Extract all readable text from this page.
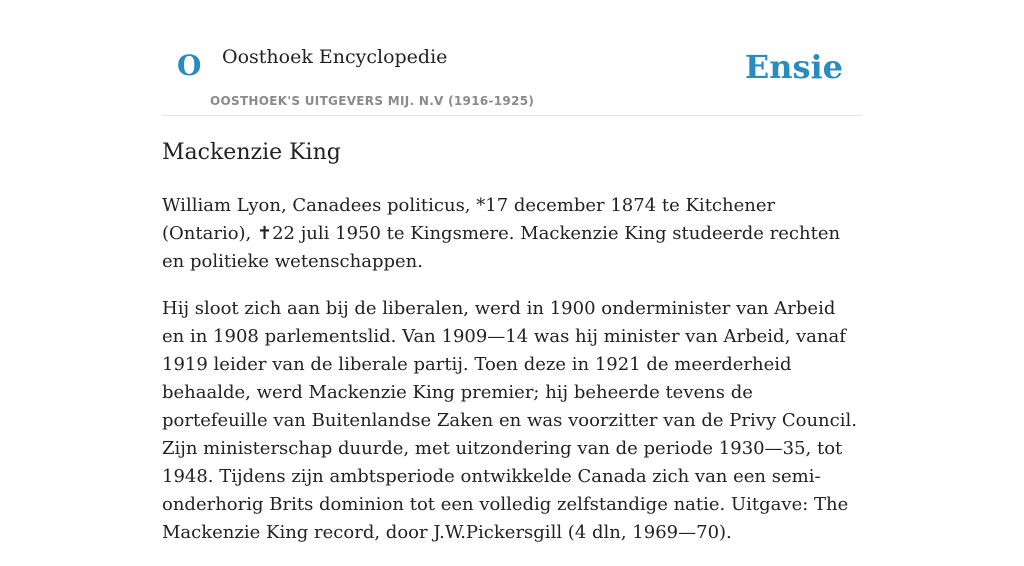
O Oosthoek Encyclopedie
OOSTHOEK'S UITGEVERS MIJ. N.V (1916-1925)
Ensie
Mackenzie King

William Lyon, Canadees politicus, *17 december 1874 te Kitchener (Ontario), ✝22 juli 1950 te Kingsmere. Mackenzie King studeerde rechten en politieke wetenschappen.

Hij sloot zich aan bij de liberalen, werd in 1900 onderminister van Arbeid en in 1908 parlementslid. Van 1909—14 was hij minister van Arbeid, vanaf 1919 leider van de liberale partij. Toen deze in 1921 de meerderheid behaalde, werd Mackenzie King premier; hij beheerde tevens de portefeuille van Buitenlandse Zaken en was voorzitter van de Privy Council. Zijn ministerschap duurde, met uitzondering van de periode 1930—35, tot 1948. Tijdens zijn ambtsperiode ontwikkelde Canada zich van een semi-onderhorig Brits dominion tot een volledig zelfstandige natie. Uitgave: The Mackenzie King record, door J.W.Pickersgill (4 dln, 1969—70).
